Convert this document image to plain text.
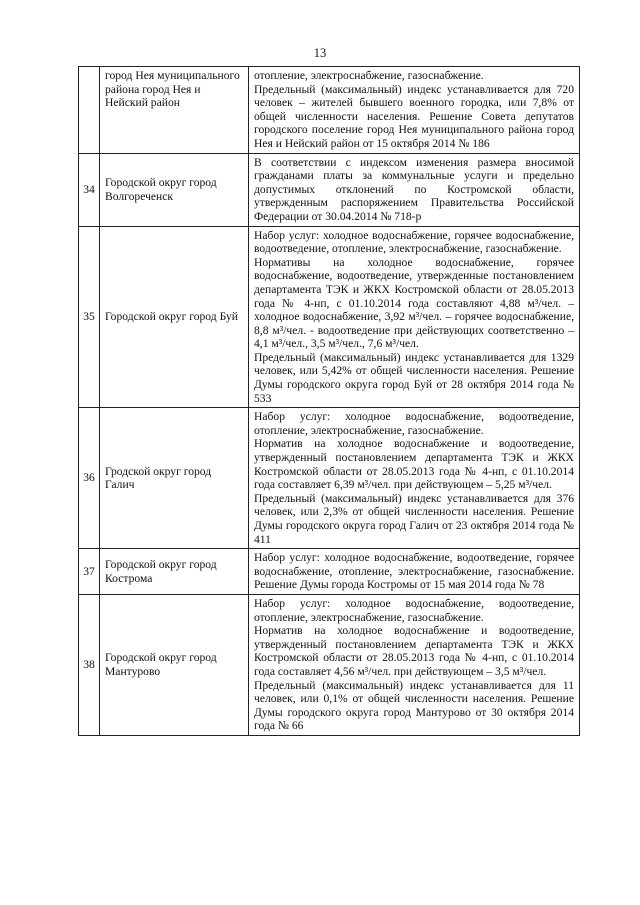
13
	город Нея муниципального района город Нея и Нейский район	отопление, электроснабжение, газоснабжение.
Предельный (максимальный) индекс устанавливается для 720 человек – жителей бывшего военного городка, или 7,8% от общей численности населения. Решение Совета депутатов городского поселение город Нея муниципального района город Нея и Нейский район от 15 октября 2014 № 186

34	Городской округ город Волгореченск	В соответствии с индексом изменения размера вносимой гражданами платы за коммунальные услуги и предельно допустимых отклонений по Костромской области, утвержденным распоряжением Правительства Российской Федерации от 30.04.2014 № 718-р

35	Городской округ город Буй	Набор услуг: холодное водоснабжение, горячее водоснабжение, водоотведение, отопление, электроснабжение, газоснабжение.
Нормативы на холодное водоснабжение, горячее водоснабжение, водоотведение, утвержденные постановлением департамента ТЭК и ЖКХ Костромской области от 28.05.2013 года № 4-нп, с 01.10.2014 года составляют 4,88 м³/чел. – холодное водоснабжение, 3,92 м³/чел. – горячее водоснабжение, 8,8 м³/чел. - водоотведение при действующих соответственно – 4,1 м³/чел., 3,5 м³/чел., 7,6 м³/чел.
Предельный (максимальный) индекс устанавливается для 1329 человек, или 5,42% от общей численности населения. Решение Думы городского округа город Буй от 28 октября 2014 года № 533

36	Гродской округ город Галич	Набор услуг: холодное водоснабжение, водоотведение, отопление, электроснабжение, газоснабжение.
Норматив на холодное водоснабжение и водоотведение, утвержденный постановлением департамента ТЭК и ЖКХ Костромской области от 28.05.2013 года № 4-нп, с 01.10.2014 года составляет 6,39 м³/чел. при действующем – 5,25 м³/чел.
Предельный (максимальный) индекс устанавливается для 376 человек, или 2,3% от общей численности населения. Решение Думы городского округа город Галич от 23 октября 2014 года № 411

37	Городской округ город Кострома	Набор услуг: холодное водоснабжение, водоотведение, горячее водоснабжение, отопление, электроснабжение, газоснабжение. Решение Думы города Костромы от 15 мая 2014 года № 78

38	Городской округ город Мантурово	Набор услуг: холодное водоснабжение, водоотведение, отопление, электроснабжение, газоснабжение.
Норматив на холодное водоснабжение и водоотведение, утвержденный постановлением департамента ТЭК и ЖКХ Костромской области от 28.05.2013 года № 4-нп, с 01.10.2014 года составляет 4,56 м³/чел. при действующем – 3,5 м³/чел.
Предельный (максимальный) индекс устанавливается для 11 человек, или 0,1% от общей численности населения. Решение Думы городского округа город Мантурово от 30 октября 2014 года № 66
